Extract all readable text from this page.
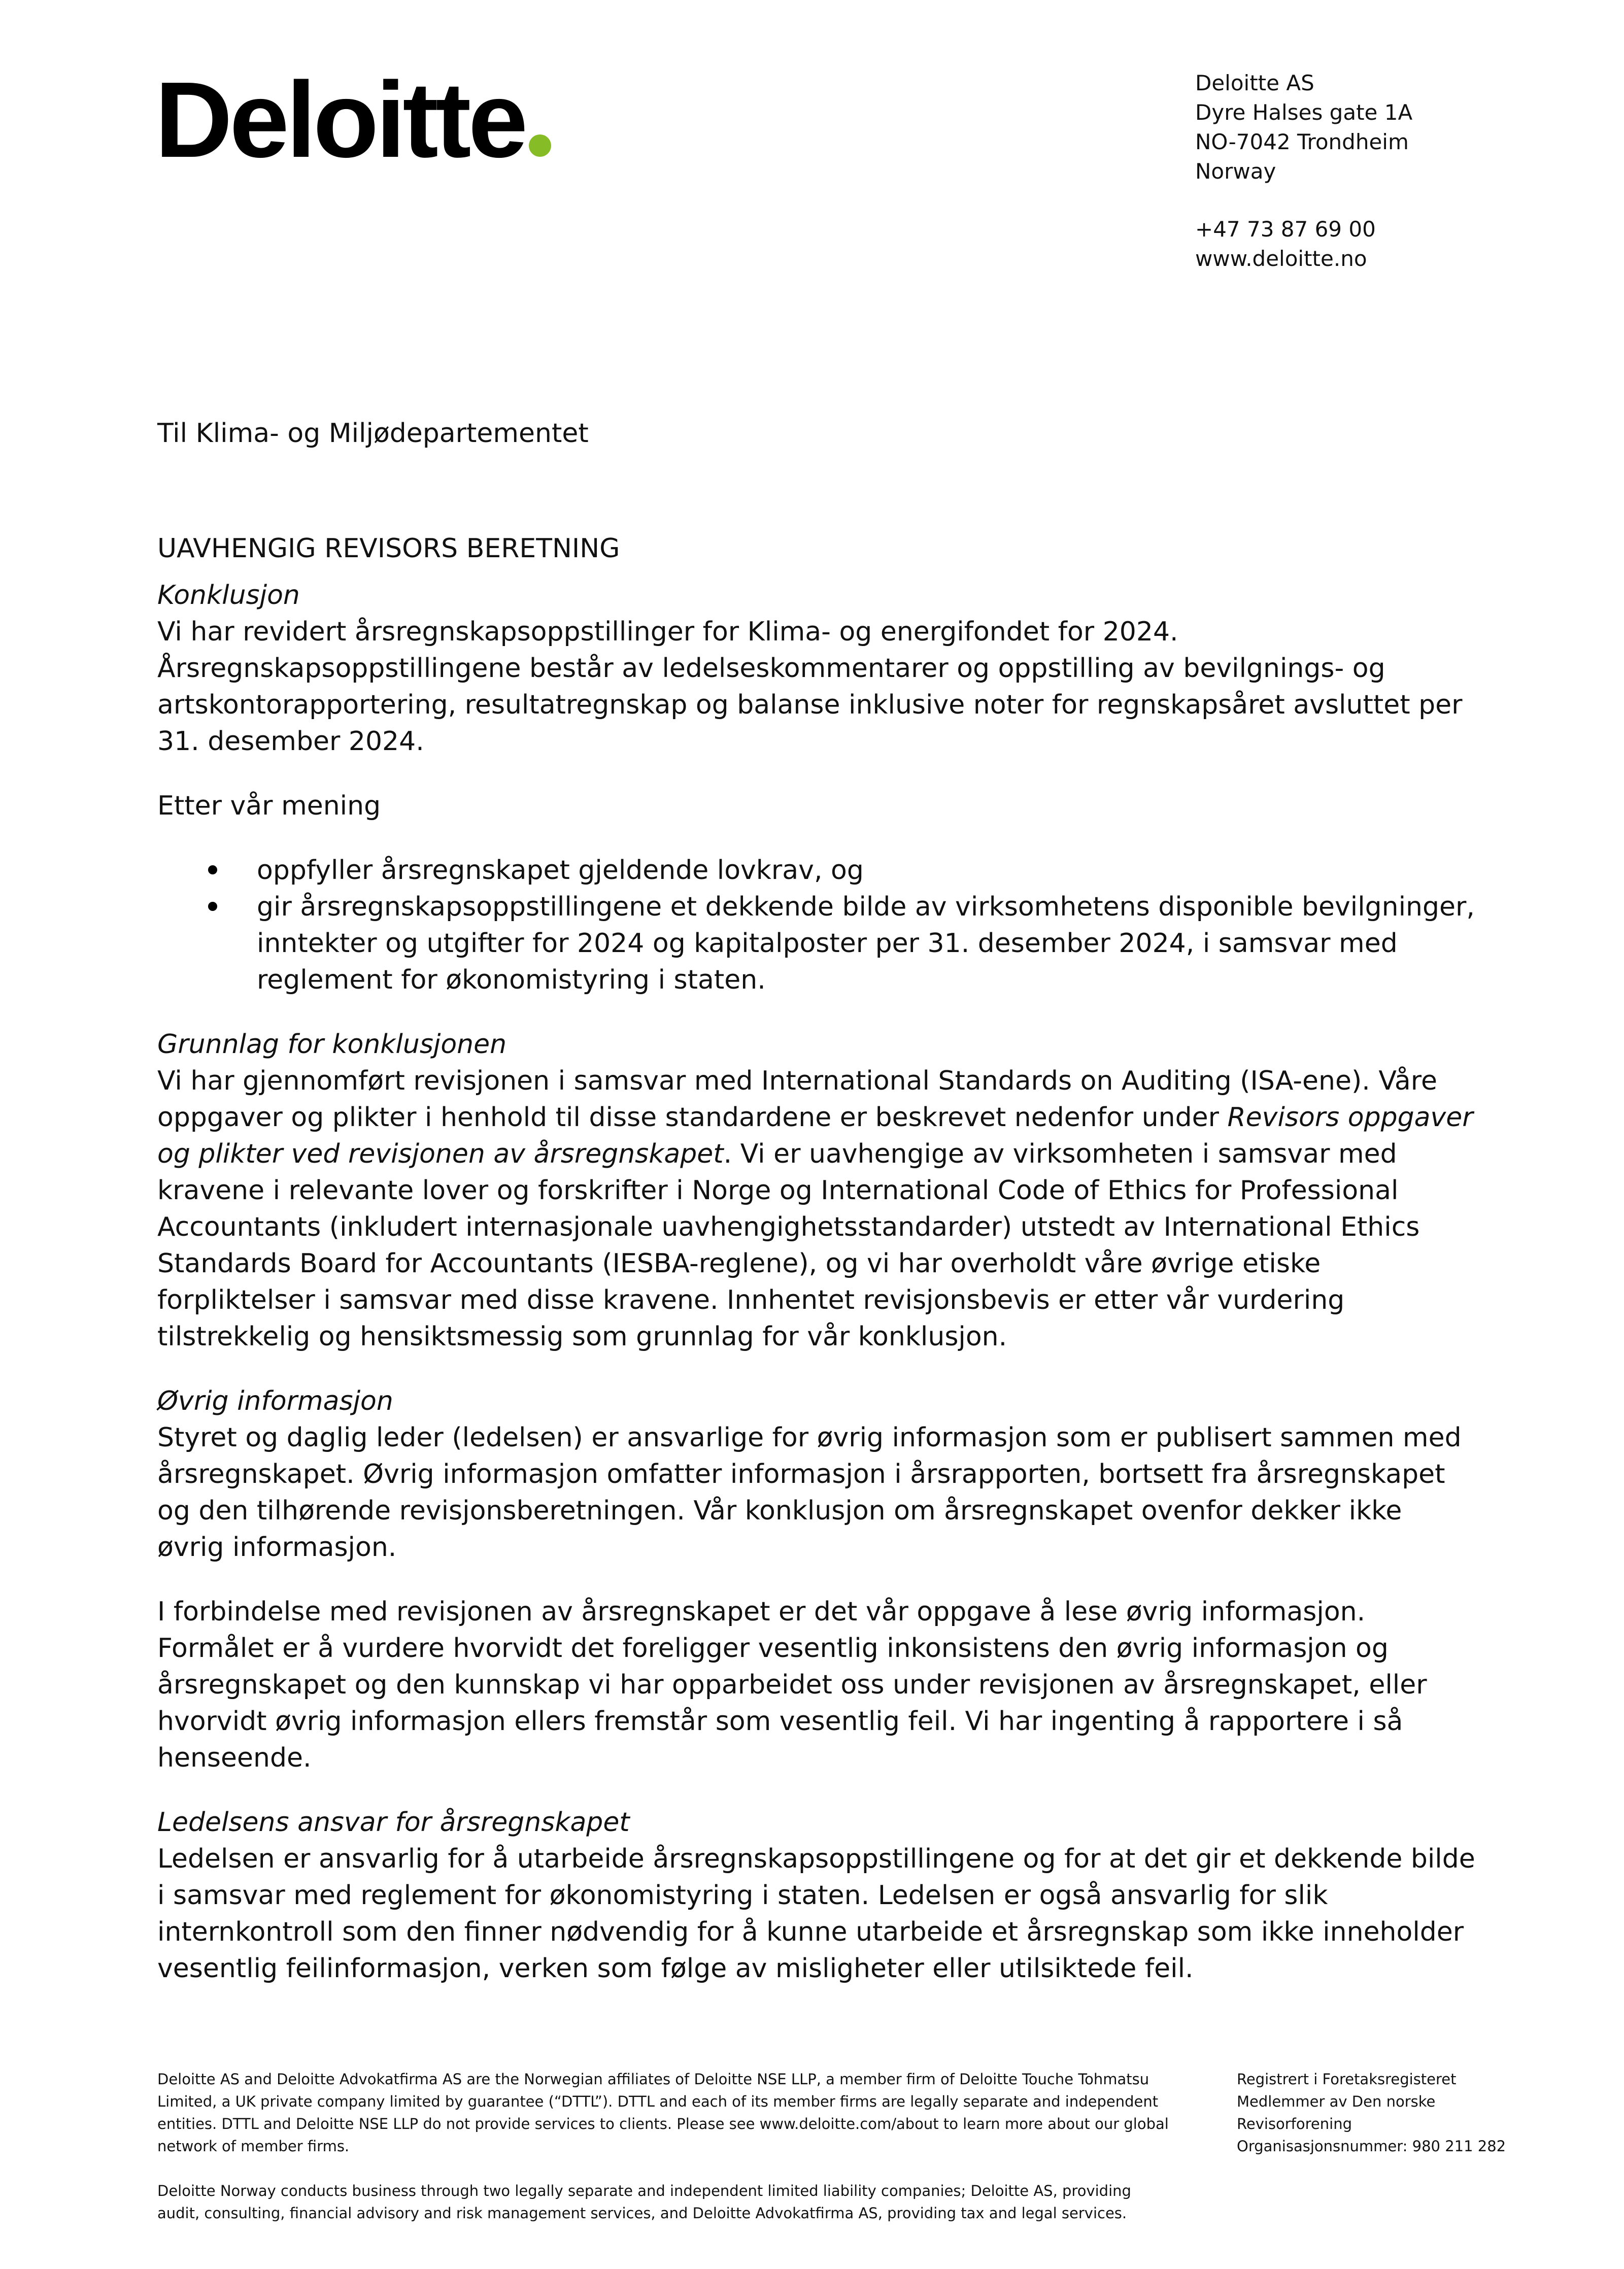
Deloitte	Deloitte AS
Dyre Halses gate 1A
NO-7042 Trondheim
Norway
+47 73 87 69 00
www.deloitte.no

Til Klima- og Miljødepartementet

UAVHENGIG REVISORS BERETNING

Konklusjon

Vi har revidert årsregnskapsoppstillinger for Klima- og energifondet for 2024. Årsregnskapsoppstillingene består av ledelseskommentarer og oppstilling av bevilgnings- og artskontorapportering, resultatregnskap og balanse inklusive noter for regnskapsåret avsluttet per 31. desember 2024.

Etter vår mening

oppfyller årsregnskapet gjeldende lovkrav, og
gir årsregnskapsoppstillingene et dekkende bilde av virksomhetens disponible bevilgninger, inntekter og utgifter for 2024 og kapitalposter per 31. desember 2024, i samsvar med reglement for økonomistyring i staten.

Grunnlag for konklusjonen

Vi har gjennomført revisjonen i samsvar med International Standards on Auditing (ISA-ene). Våre oppgaver og plikter i henhold til disse standardene er beskrevet nedenfor under Revisors oppgaver og plikter ved revisjonen av årsregnskapet. Vi er uavhengige av virksomheten i samsvar med kravene i relevante lover og forskrifter i Norge og International Code of Ethics for Professional Accountants (inkludert internasjonale uavhengighetsstandarder) utstedt av International Ethics Standards Board for Accountants (IESBA-reglene), og vi har overholdt våre øvrige etiske forpliktelser i samsvar med disse kravene. Innhentet revisjonsbevis er etter vår vurdering tilstrekkelig og hensiktsmessig som grunnlag for vår konklusjon.

Øvrig informasjon

Styret og daglig leder (ledelsen) er ansvarlige for øvrig informasjon som er publisert sammen med årsregnskapet. Øvrig informasjon omfatter informasjon i årsrapporten, bortsett fra årsregnskapet og den tilhørende revisjonsberetningen. Vår konklusjon om årsregnskapet ovenfor dekker ikke øvrig informasjon.

I forbindelse med revisjonen av årsregnskapet er det vår oppgave å lese øvrig informasjon. Formålet er å vurdere hvorvidt det foreligger vesentlig inkonsistens den øvrig informasjon og årsregnskapet og den kunnskap vi har opparbeidet oss under revisjonen av årsregnskapet, eller hvorvidt øvrig informasjon ellers fremstår som vesentlig feil. Vi har ingenting å rapportere i så henseende.

Ledelsens ansvar for årsregnskapet

Ledelsen er ansvarlig for å utarbeide årsregnskapsoppstillingene og for at det gir et dekkende bilde i samsvar med reglement for økonomistyring i staten. Ledelsen er også ansvarlig for slik internkontroll som den finner nødvendig for å kunne utarbeide et årsregnskap som ikke inneholder vesentlig feilinformasjon, verken som følge av misligheter eller utilsiktede feil.

Deloitte AS and Deloitte Advokatfirma AS are the Norwegian affiliates of Deloitte NSE LLP, a member firm of Deloitte Touche Tohmatsu Limited, a UK private company limited by guarantee (“DTTL”). DTTL and each of its member firms are legally separate and independent entities. DTTL and Deloitte NSE LLP do not provide services to clients. Please see www.deloitte.com/about to learn more about our global network of member firms.

Deloitte Norway conducts business through two legally separate and independent limited liability companies; Deloitte AS, providing audit, consulting, financial advisory and risk management services, and Deloitte Advokatfirma AS, providing tax and legal services.

Registrert i Foretaksregisteret
Medlemmer av Den norske
Revisorforening
Organisasjonsnummer: 980 211 282
